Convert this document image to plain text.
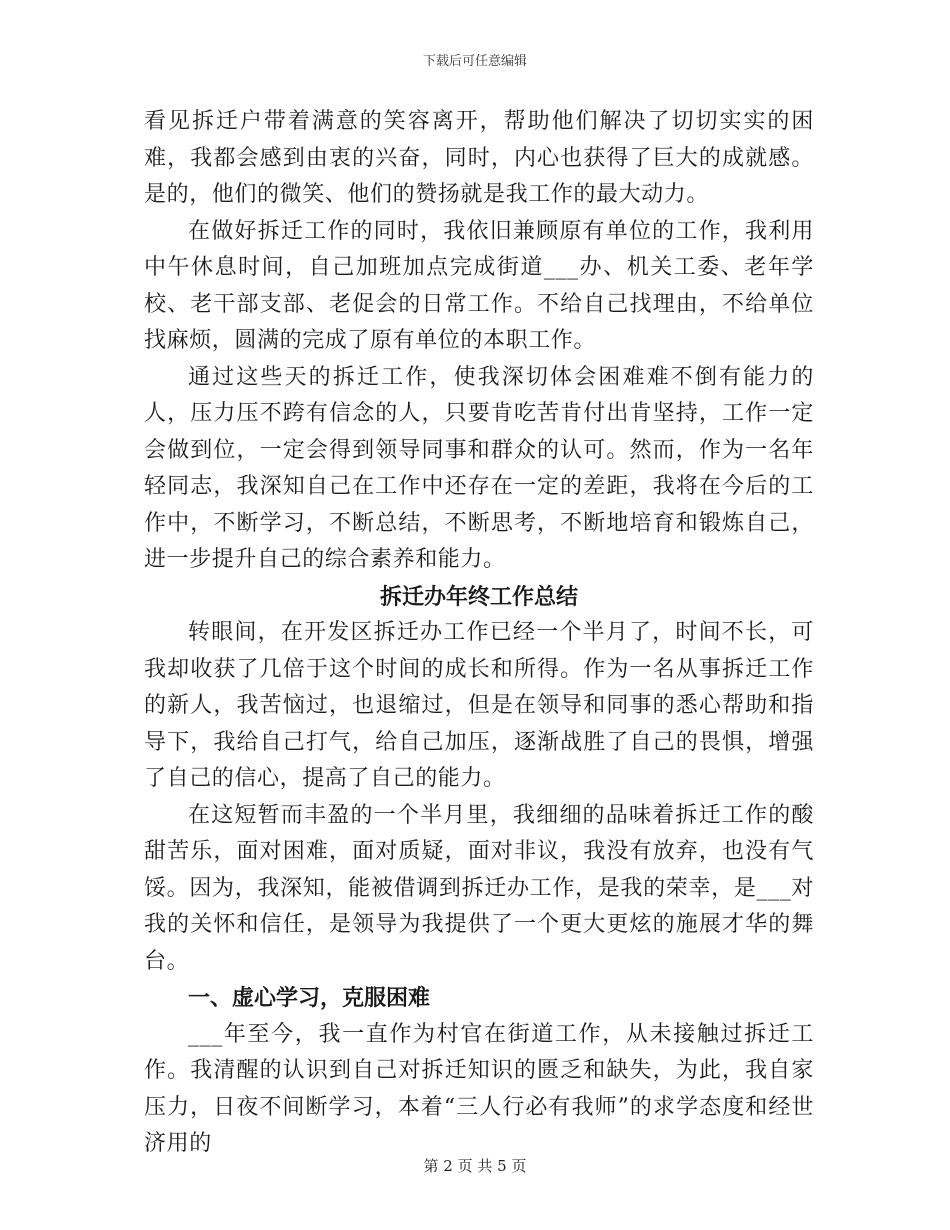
下载后可任意编辑

看见拆迁户带着满意的笑容离开，帮助他们解决了切切实实的困难，我都会感到由衷的兴奋，同时，内心也获得了巨大的成就感。是的，他们的微笑、他们的赞扬就是我工作的最大动力。

在做好拆迁工作的同时，我依旧兼顾原有单位的工作，我利用中午休息时间，自己加班加点完成街道___办、机关工委、老年学校、老干部支部、老促会的日常工作。不给自己找理由，不给单位找麻烦，圆满的完成了原有单位的本职工作。

通过这些天的拆迁工作，使我深切体会困难难不倒有能力的人，压力压不跨有信念的人，只要肯吃苦肯付出肯坚持，工作一定会做到位，一定会得到领导同事和群众的认可。然而，作为一名年轻同志，我深知自己在工作中还存在一定的差距，我将在今后的工作中，不断学习，不断总结，不断思考，不断地培育和锻炼自己，进一步提升自己的综合素养和能力。

拆迁办年终工作总结

转眼间，在开发区拆迁办工作已经一个半月了，时间不长，可我却收获了几倍于这个时间的成长和所得。作为一名从事拆迁工作的新人，我苦恼过，也退缩过，但是在领导和同事的悉心帮助和指导下，我给自己打气，给自己加压，逐渐战胜了自己的畏惧，增强了自己的信心，提高了自己的能力。

在这短暂而丰盈的一个半月里，我细细的品味着拆迁工作的酸甜苦乐，面对困难，面对质疑，面对非议，我没有放弃，也没有气馁。因为，我深知，能被借调到拆迁办工作，是我的荣幸，是___对我的关怀和信任，是领导为我提供了一个更大更炫的施展才华的舞台。

一、虚心学习，克服困难

___年至今，我一直作为村官在街道工作，从未接触过拆迁工作。我清醒的认识到自己对拆迁知识的匮乏和缺失，为此，我自家压力，日夜不间断学习，本着“三人行必有我师”的求学态度和经世济用的

第 2 页 共 5 页
